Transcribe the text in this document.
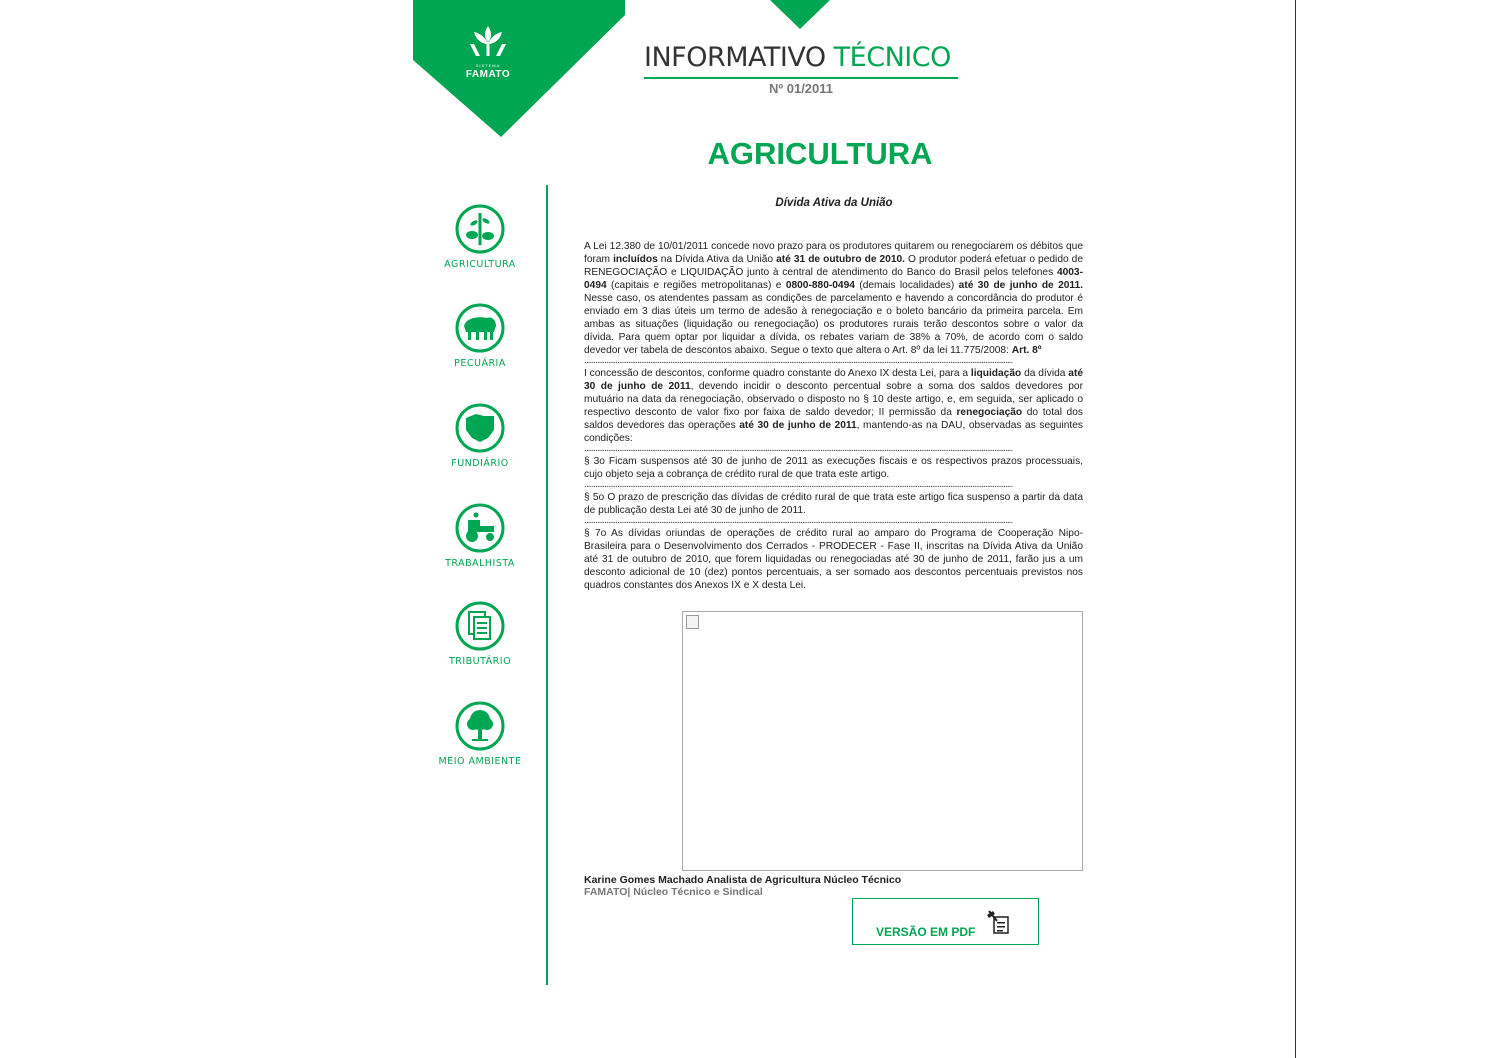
SISTEMA
FAMATO
INFORMATIVO TÉCNICO
Nº 01/2011
AGRICULTURA
AGRICULTURA
PECUÁRIA
FUNDIÁRIO
TRABALHISTA
TRIBUTÁRIO
MEIO AMBIENTE
Dívida Ativa da União

A Lei 12.380 de 10/01/2011 concede novo prazo para os produtores quitarem ou renegociarem os débitos que foram incluídos na Dívida Ativa da União até 31 de outubro de 2010. O produtor poderá efetuar o pedido de RENEGOCIAÇÃO e LIQUIDAÇÃO junto à central de atendimento do Banco do Brasil pelos telefones 4003-0494 (capitais e regiões metropolitanas) e 0800-880-0494 (demais localidades) até 30 de junho de 2011. Nesse caso, os atendentes passam as condições de parcelamento e havendo a concordância do produtor é enviado em 3 dias úteis um termo de adesão à renegociação e o boleto bancário da primeira parcela. Em ambas as situações (liquidação ou renegociação) os produtores rurais terão descontos sobre o valor da dívida. Para quem optar por liquidar a dívida, os rebates variam de 38% a 70%, de acordo com o saldo devedor ver tabela de descontos abaixo. Segue o texto que altera o Art. 8º da lei 11.775/2008: Art. 8º

..........................................................................................................................................................................................................................................

I concessão de descontos, conforme quadro constante do Anexo IX desta Lei, para a liquidação da dívida até 30 de junho de 2011, devendo incidir o desconto percentual sobre a soma dos saldos devedores por mutuário na data da renegociação, observado o disposto no § 10 deste artigo, e, em seguida, ser aplicado o respectivo desconto de valor fixo por faixa de saldo devedor; II permissão da renegociação do total dos saldos devedores das operações até 30 de junho de 2011, mantendo-as na DAU, observadas as seguintes condições:

..........................................................................................................................................................................................................................................

§ 3o Ficam suspensos até 30 de junho de 2011 as execuções fiscais e os respectivos prazos processuais, cujo objeto seja a cobrança de crédito rural de que trata este artigo.

..........................................................................................................................................................................................................................................

§ 5o O prazo de prescrição das dívidas de crédito rural de que trata este artigo fica suspenso a partir da data de publicação desta Lei até 30 de junho de 2011.

..........................................................................................................................................................................................................................................

§ 7o As dívidas oriundas de operações de crédito rural ao amparo do Programa de Cooperação Nipo-Brasileira para o Desenvolvimento dos Cerrados - PRODECER - Fase II, inscritas na Dívida Ativa da União até 31 de outubro de 2010, que forem liquidadas ou renegociadas até 30 de junho de 2011, farão jus a um desconto adicional de 10 (dez) pontos percentuais, a ser somado aos descontos percentuais previstos nos quadros constantes dos Anexos IX e X desta Lei.

Karine Gomes Machado Analista de Agricultura Núcleo Técnico
FAMATO| Núcleo Técnico e Sindical
VERSÃO EM PDF
